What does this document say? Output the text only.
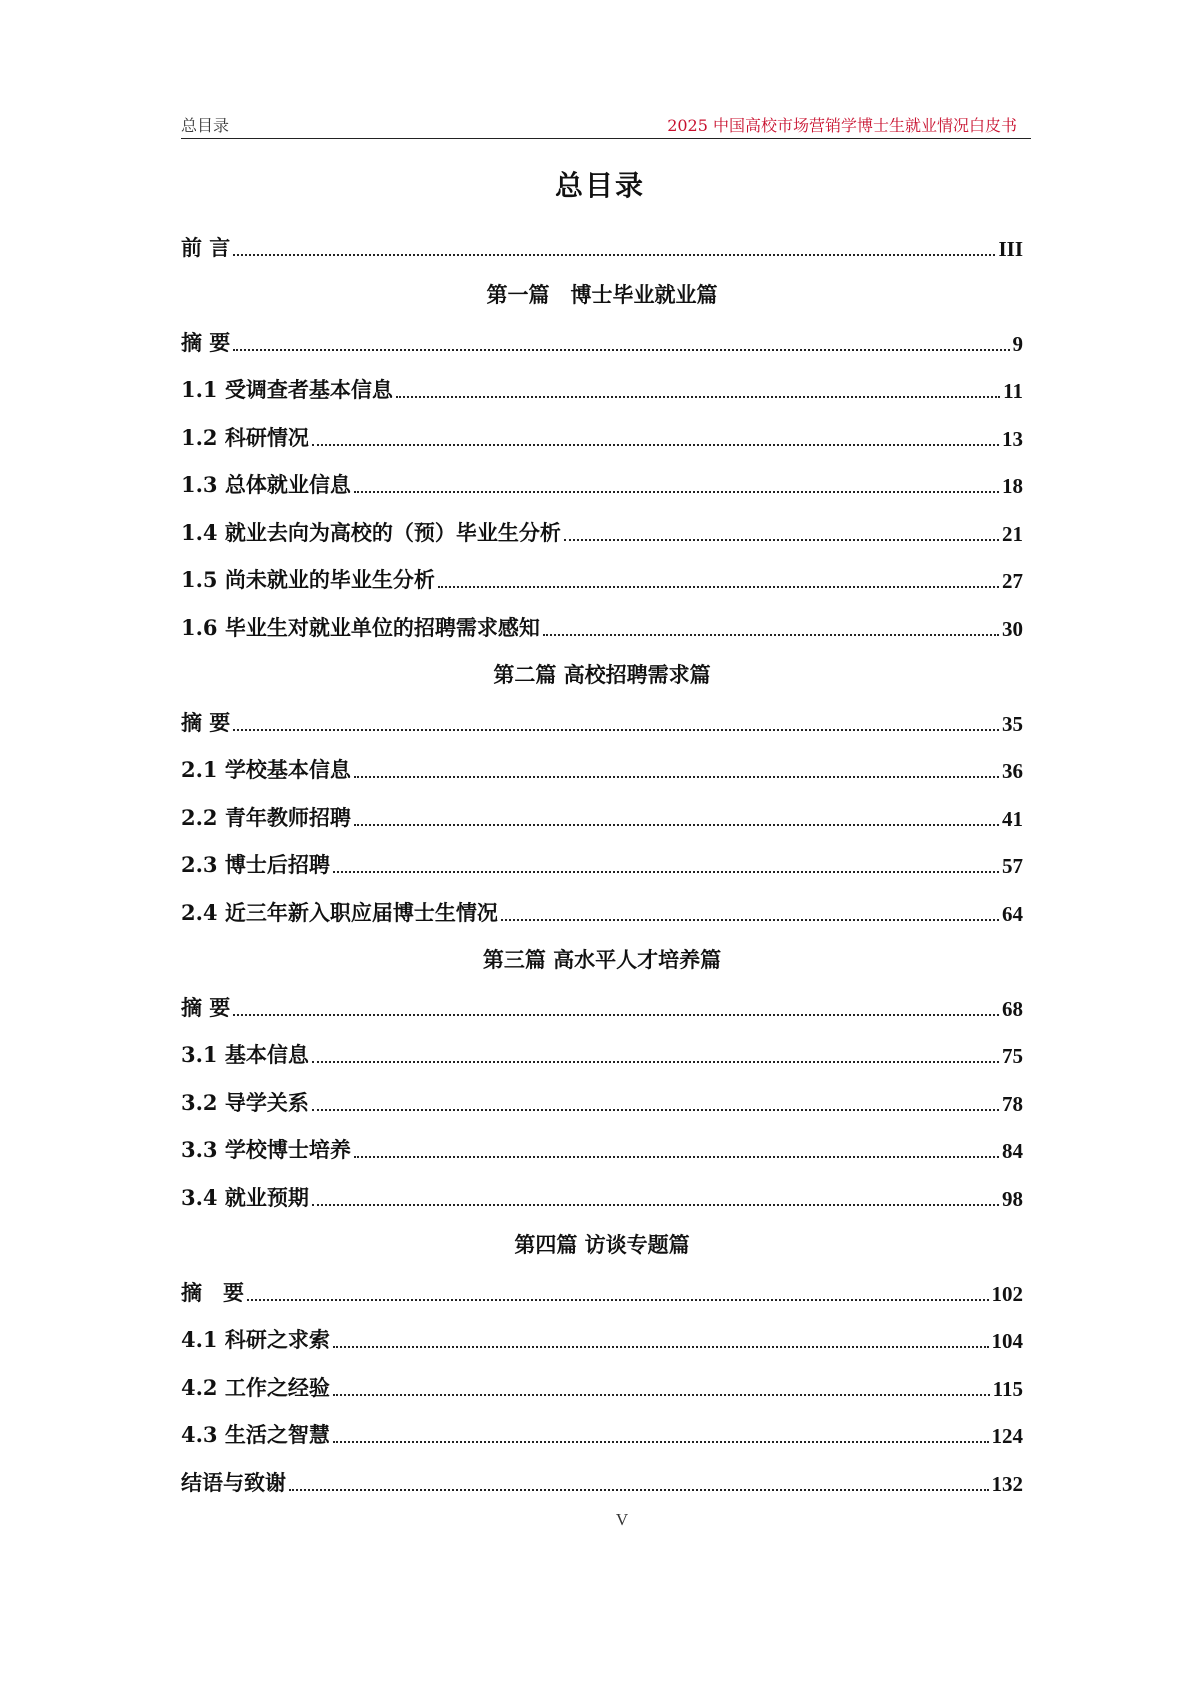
总目录	2025 中国高校市场营销学博士生就业情况白皮书
总目录
前 言	III
第一篇　博士毕业就业篇
摘 要	9
1.1 受调查者基本信息	11
1.2 科研情况	13
1.3 总体就业信息	18
1.4 就业去向为高校的（预）毕业生分析	21
1.5 尚未就业的毕业生分析	27
1.6 毕业生对就业单位的招聘需求感知	30
第二篇 高校招聘需求篇
摘 要	35
2.1 学校基本信息	36
2.2 青年教师招聘	41
2.3 博士后招聘	57
2.4 近三年新入职应届博士生情况	64
第三篇 高水平人才培养篇
摘 要	68
3.1 基本信息	75
3.2 导学关系	78
3.3 学校博士培养	84
3.4 就业预期	98
第四篇 访谈专题篇
摘　要	102
4.1 科研之求索	104
4.2 工作之经验	115
4.3 生活之智慧	124
结语与致谢	132
V
